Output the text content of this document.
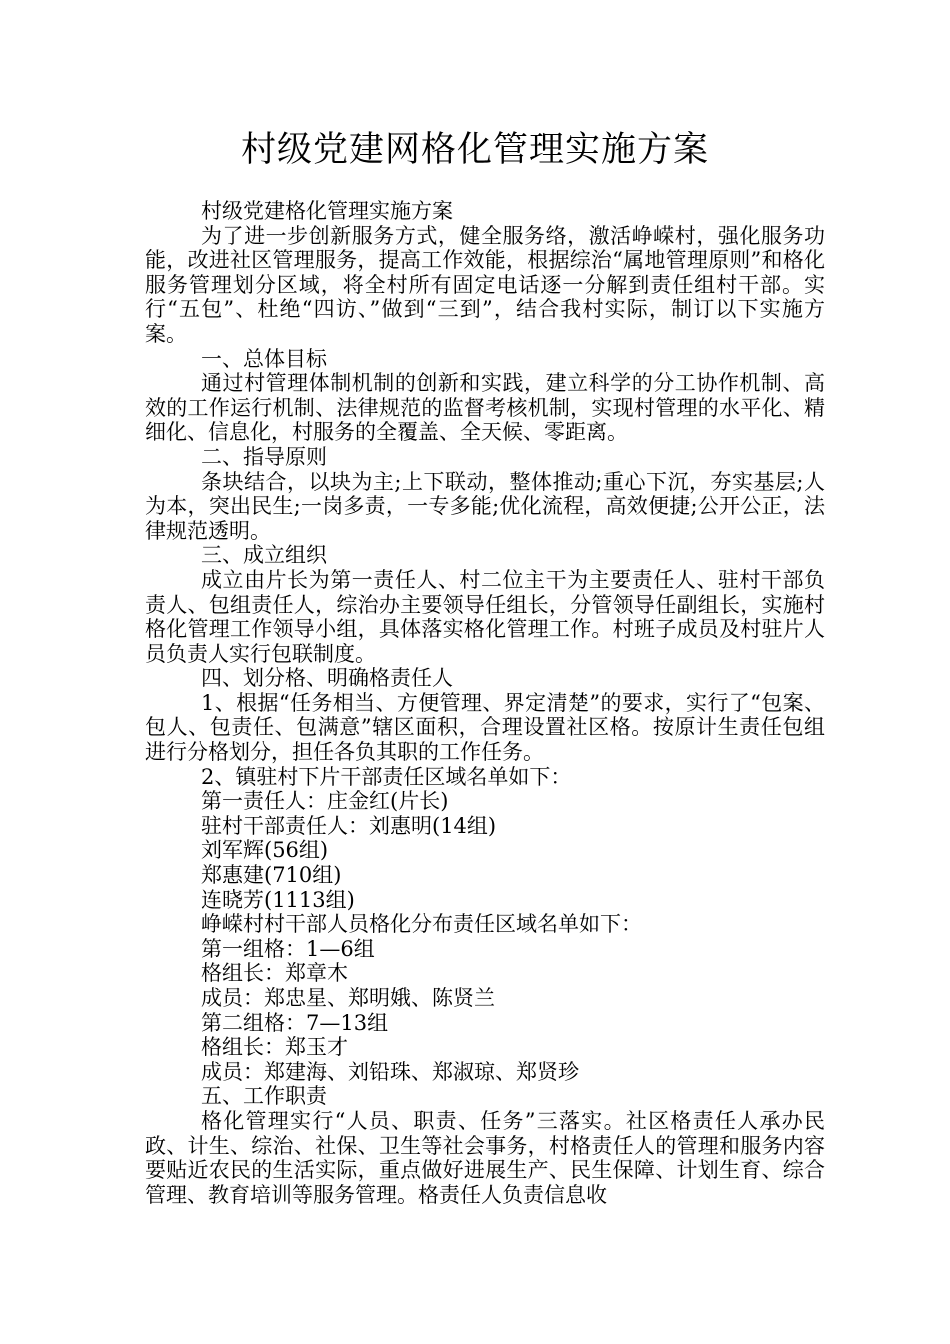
村级党建网格化管理实施方案

村级党建格化管理实施方案

为了进一步创新服务方式，健全服务络，激活峥嵘村，强化服务功能，改进社区管理服务，提高工作效能，根据综治“属地管理原则”和格化服务管理划分区域，将全村所有固定电话逐一分解到责任组村干部。实行“五包”、杜绝“四访、”做到“三到”，结合我村实际，制订以下实施方案。

一、总体目标

通过村管理体制机制的创新和实践，建立科学的分工协作机制、高效的工作运行机制、法律规范的监督考核机制，实现村管理的水平化、精细化、信息化，村服务的全覆盖、全天候、零距离。

二、指导原则

条块结合，以块为主;上下联动，整体推动;重心下沉，夯实基层;人为本，突出民生;一岗多责，一专多能;优化流程，高效便捷;公开公正，法律规范透明。

三、成立组织

成立由片长为第一责任人、村二位主干为主要责任人、驻村干部负责人、包组责任人，综治办主要领导任组长，分管领导任副组长，实施村格化管理工作领导小组，具体落实格化管理工作。村班子成员及村驻片人员负责人实行包联制度。

四、划分格、明确格责任人

1、根据“任务相当、方便管理、界定清楚”的要求，实行了“包案、包人、包责任、包满意”辖区面积，合理设置社区格。按原计生责任包组进行分格划分，担任各负其职的工作任务。

2、镇驻村下片干部责任区域名单如下：

第一责任人：庄金红(片长)

驻村干部责任人：刘惠明(14组)

刘军辉(56组)

郑惠建(710组)

连晓芳(1113组)

峥嵘村村干部人员格化分布责任区域名单如下：

第一组格：1—6组

格组长：郑章木

成员：郑忠星、郑明娥、陈贤兰

第二组格：7—13组

格组长：郑玉才

成员：郑建海、刘铅珠、郑淑琼、郑贤珍

五、工作职责

格化管理实行“人员、职责、任务”三落实。社区格责任人承办民政、计生、综治、社保、卫生等社会事务，村格责任人的管理和服务内容要贴近农民的生活实际，重点做好进展生产、民生保障、计划生育、综合管理、教育培训等服务管理。格责任人负责信息收
